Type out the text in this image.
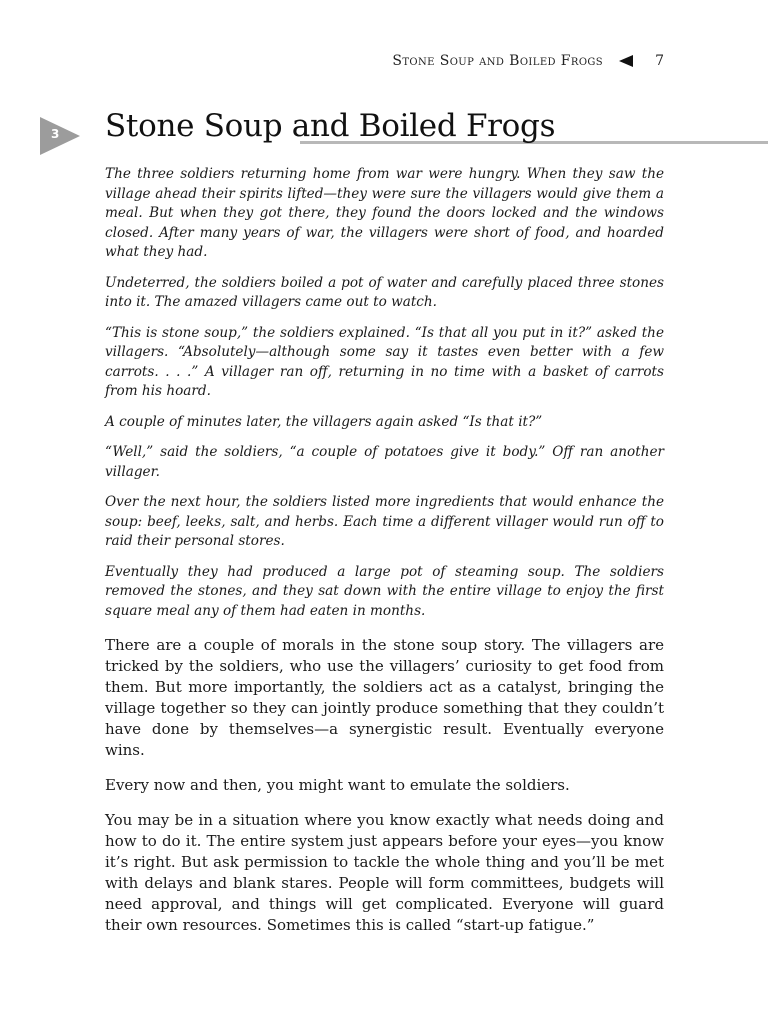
Stone Soup and Boiled Frogs	7
3 Stone Soup and Boiled Frogs

The three soldiers returning home from war were hungry. When they saw the village ahead their spirits lifted—they were sure the villagers would give them a meal. But when they got there, they found the doors locked and the windows closed. After many years of war, the villagers were short of food, and hoarded what they had.

Undeterred, the soldiers boiled a pot of water and carefully placed three stones into it. The amazed villagers came out to watch.

“This is stone soup,” the soldiers explained. “Is that all you put in it?” asked the villagers. “Absolutely—although some say it tastes even better with a few carrots. . . .” A villager ran off, returning in no time with a basket of carrots from his hoard.

A couple of minutes later, the villagers again asked “Is that it?”

“Well,” said the soldiers, “a couple of potatoes give it body.” Off ran another villager.

Over the next hour, the soldiers listed more ingredients that would enhance the soup: beef, leeks, salt, and herbs. Each time a different villager would run off to raid their personal stores.

Eventually they had produced a large pot of steaming soup. The soldiers removed the stones, and they sat down with the entire village to enjoy the first square meal any of them had eaten in months.

There are a couple of morals in the stone soup story. The villagers are tricked by the soldiers, who use the villagers’ curiosity to get food from them. But more importantly, the soldiers act as a catalyst, bringing the village together so they can jointly produce something that they couldn’t have done by themselves—a synergistic result. Eventually everyone wins.

Every now and then, you might want to emulate the soldiers.

You may be in a situation where you know exactly what needs doing and how to do it. The entire system just appears before your eyes—you know it’s right. But ask permission to tackle the whole thing and you’ll be met with delays and blank stares. People will form committees, budgets will need approval, and things will get complicated. Everyone will guard their own resources. Sometimes this is called “start-up fatigue.”
